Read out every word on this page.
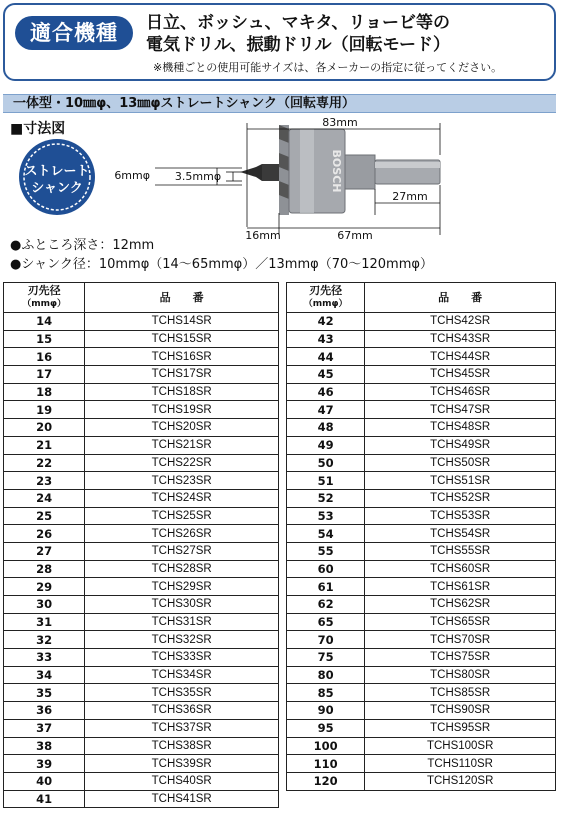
適合機種	日立、ボッシュ、マキタ、リョービ等の
電気ドリル、振動ドリル（回転モード）
※機種ごとの使用可能サイズは、各メーカーの指定に従ってください。
一体型・10㎜φ、13㎜φストレートシャンク（回転専用）
■寸法図
ストレート
シャンク	BOSCH
83mm
6mmφ 3.5mmφ
27mm
16mm	67mm
●ふところ深さ：12mm
●シャンク径：10mmφ（14～65mmφ）／13mmφ（70～120mmφ）
刃先径
（mmφ）	品　　番
14	TCHS14SR
15	TCHS15SR
16	TCHS16SR
17	TCHS17SR
18	TCHS18SR
19	TCHS19SR
20	TCHS20SR
21	TCHS21SR
22	TCHS22SR
23	TCHS23SR
24	TCHS24SR
25	TCHS25SR
26	TCHS26SR
27	TCHS27SR
28	TCHS28SR
29	TCHS29SR
30	TCHS30SR
31	TCHS31SR
32	TCHS32SR
33	TCHS33SR
34	TCHS34SR
35	TCHS35SR
36	TCHS36SR
37	TCHS37SR
38	TCHS38SR
39	TCHS39SR
40	TCHS40SR
41	TCHS41SR
刃先径
（mmφ）	品　　番
42	TCHS42SR
43	TCHS43SR
44	TCHS44SR
45	TCHS45SR
46	TCHS46SR
47	TCHS47SR
48	TCHS48SR
49	TCHS49SR
50	TCHS50SR
51	TCHS51SR
52	TCHS52SR
53	TCHS53SR
54	TCHS54SR
55	TCHS55SR
60	TCHS60SR
61	TCHS61SR
62	TCHS62SR
65	TCHS65SR
70	TCHS70SR
75	TCHS75SR
80	TCHS80SR
85	TCHS85SR
90	TCHS90SR
95	TCHS95SR
100	TCHS100SR
110	TCHS110SR
120	TCHS120SR
